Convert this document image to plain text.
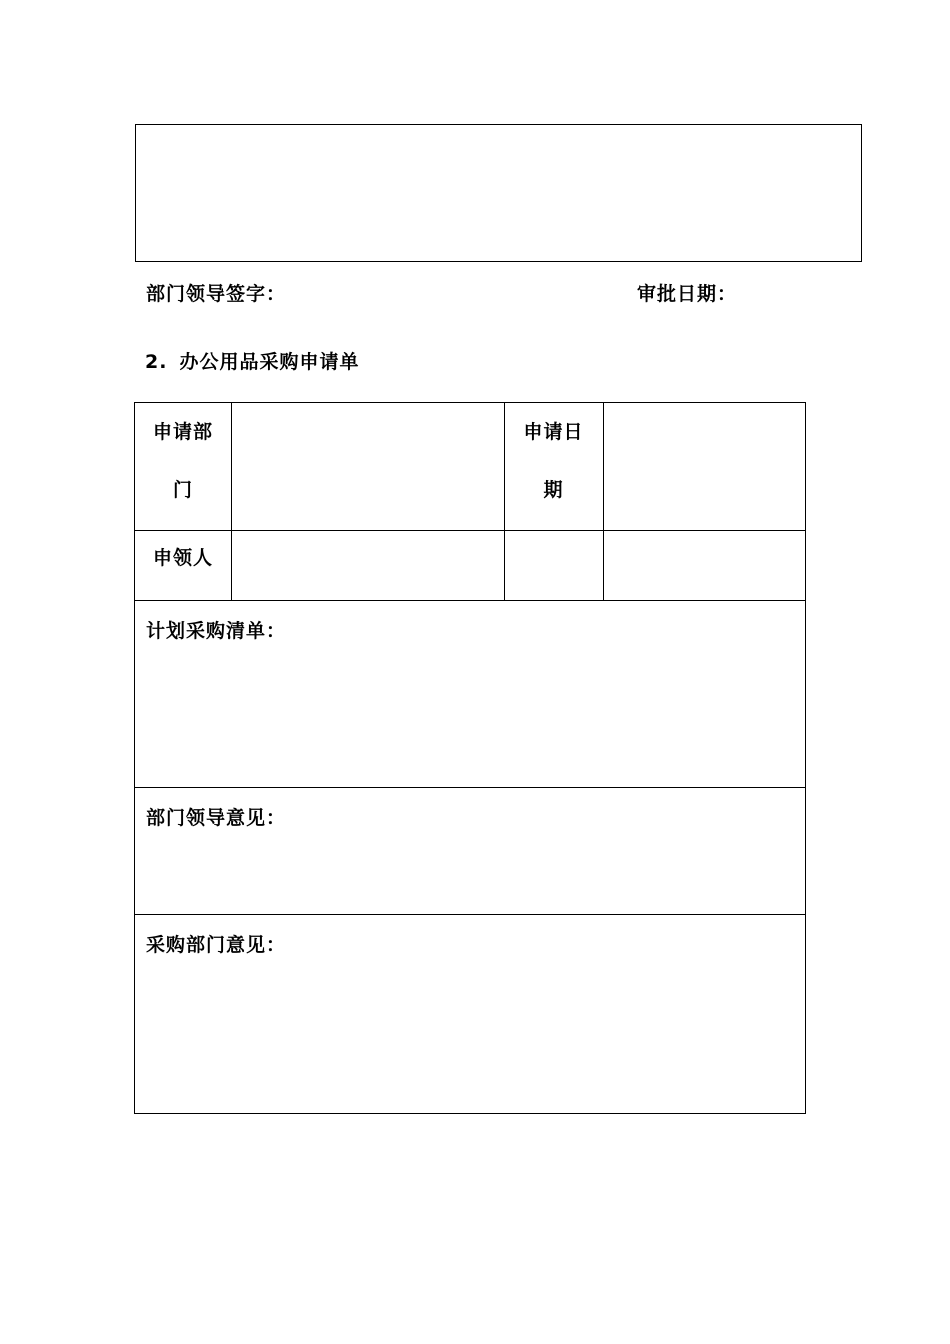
部门领导签字：	审批日期：
2. 办公用品采购申请单
申请部
门
申请日
期
申领人
计划采购清单：
部门领导意见：
采购部门意见：
